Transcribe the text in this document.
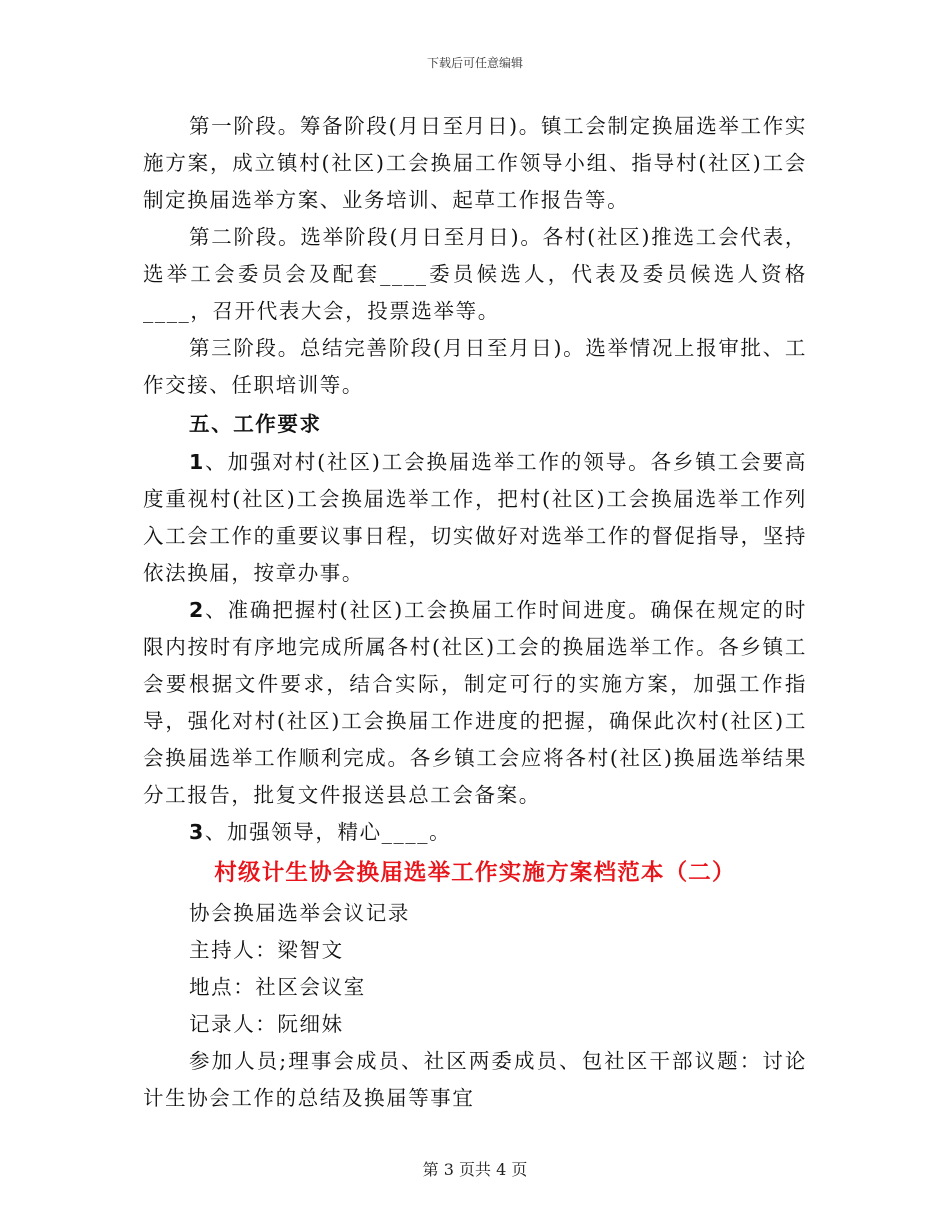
下载后可任意编辑

第一阶段。筹备阶段(月日至月日)。镇工会制定换届选举工作实施方案，成立镇村(社区)工会换届工作领导小组、指导村(社区)工会制定换届选举方案、业务培训、起草工作报告等。

第二阶段。选举阶段(月日至月日)。各村(社区)推选工会代表，选举工会委员会及配套____委员候选人，代表及委员候选人资格____，召开代表大会，投票选举等。

第三阶段。总结完善阶段(月日至月日)。选举情况上报审批、工作交接、任职培训等。

五、工作要求

1、加强对村(社区)工会换届选举工作的领导。各乡镇工会要高度重视村(社区)工会换届选举工作，把村(社区)工会换届选举工作列入工会工作的重要议事日程，切实做好对选举工作的督促指导，坚持依法换届，按章办事。

2、准确把握村(社区)工会换届工作时间进度。确保在规定的时限内按时有序地完成所属各村(社区)工会的换届选举工作。各乡镇工会要根据文件要求，结合实际，制定可行的实施方案，加强工作指导，强化对村(社区)工会换届工作进度的把握，确保此次村(社区)工会换届选举工作顺利完成。各乡镇工会应将各村(社区)换届选举结果分工报告，批复文件报送县总工会备案。

3、加强领导，精心____。

村级计生协会换届选举工作实施方案档范本（二）

协会换届选举会议记录

主持人：梁智文

地点：社区会议室

记录人：阮细妹

参加人员;理事会成员、社区两委成员、包社区干部议题：讨论计生协会工作的总结及换届等事宜

第 3 页共 4 页
